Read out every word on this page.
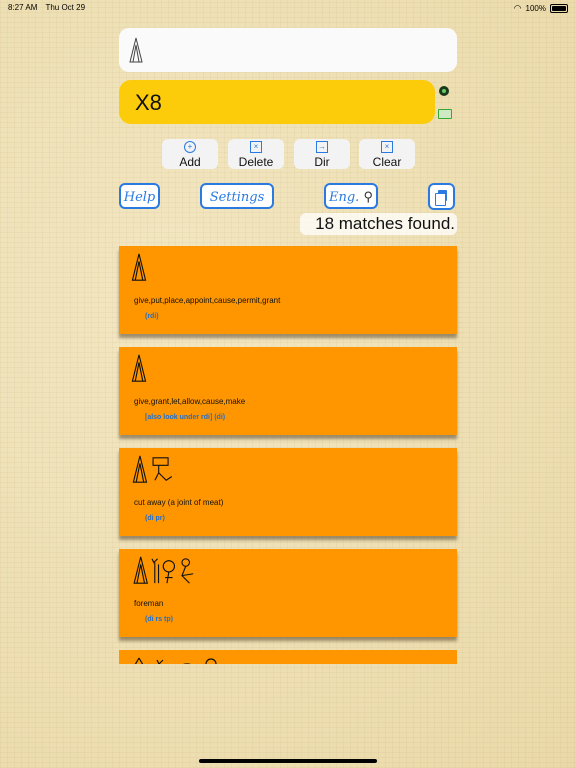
8:27 AM Thu Oct 29	◠ 100%
X8
+
Add
×
Delete
→
Dir
×
Clear
Help	Settings	Eng. ⚲
18 matches found.
give,put,place,appoint,cause,permit,grant
(rdi)
give,grant,let,allow,cause,make
[also look under rdi] (di)
cut away (a joint of meat)
(di pr)
foreman
(di rs tp)
